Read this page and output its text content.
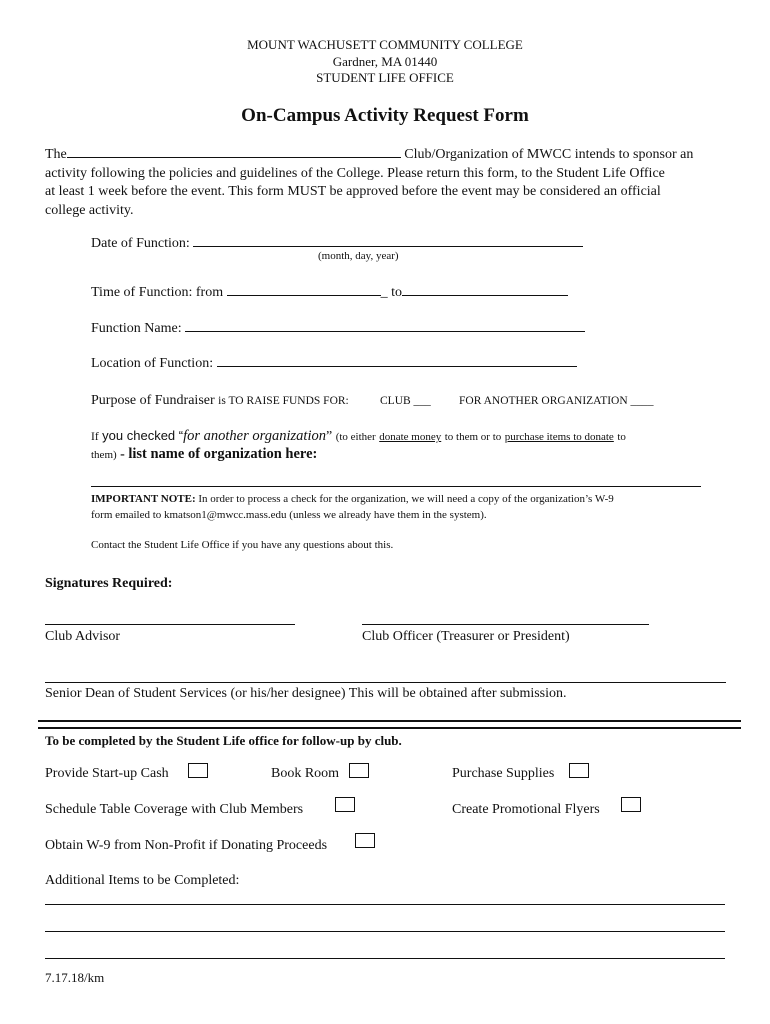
MOUNT WACHUSETT COMMUNITY COLLEGE
Gardner, MA 01440
STUDENT LIFE OFFICE
On-Campus Activity Request Form
The	Club/Organization of MWCC intends to sponsor an
activity following the policies and guidelines of the College. Please return this form, to the Student Life Office
at least 1 week before the event. This form MUST be approved before the event may be considered an official
college activity.
Date of Function:
(month, day, year)
Time of Function: from	_ to
Function Name:
Location of Function:
Purpose of Fundraiser is TO RAISE FUNDS FOR:	CLUB ___ FOR ANOTHER ORGANIZATION ____
If you checked “for another organization” (to either donate money to them or to purchase items to donate to
them) - list name of organization here:
IMPORTANT NOTE: In order to process a check for the organization, we will need a copy of the organization’s W-9
form emailed to kmatson1@mwcc.mass.edu (unless we already have them in the system).
Contact the Student Life Office if you have any questions about this.
Signatures Required:
Club Advisor	Club Officer (Treasurer or President)
Senior Dean of Student Services (or his/her designee) This will be obtained after submission.
To be completed by the Student Life office for follow-up by club.
Provide Start-up Cash	Book Room	Purchase Supplies
Schedule Table Coverage with Club Members	Create Promotional Flyers
Obtain W-9 from Non-Profit if Donating Proceeds
Additional Items to be Completed:
7.17.18/km
